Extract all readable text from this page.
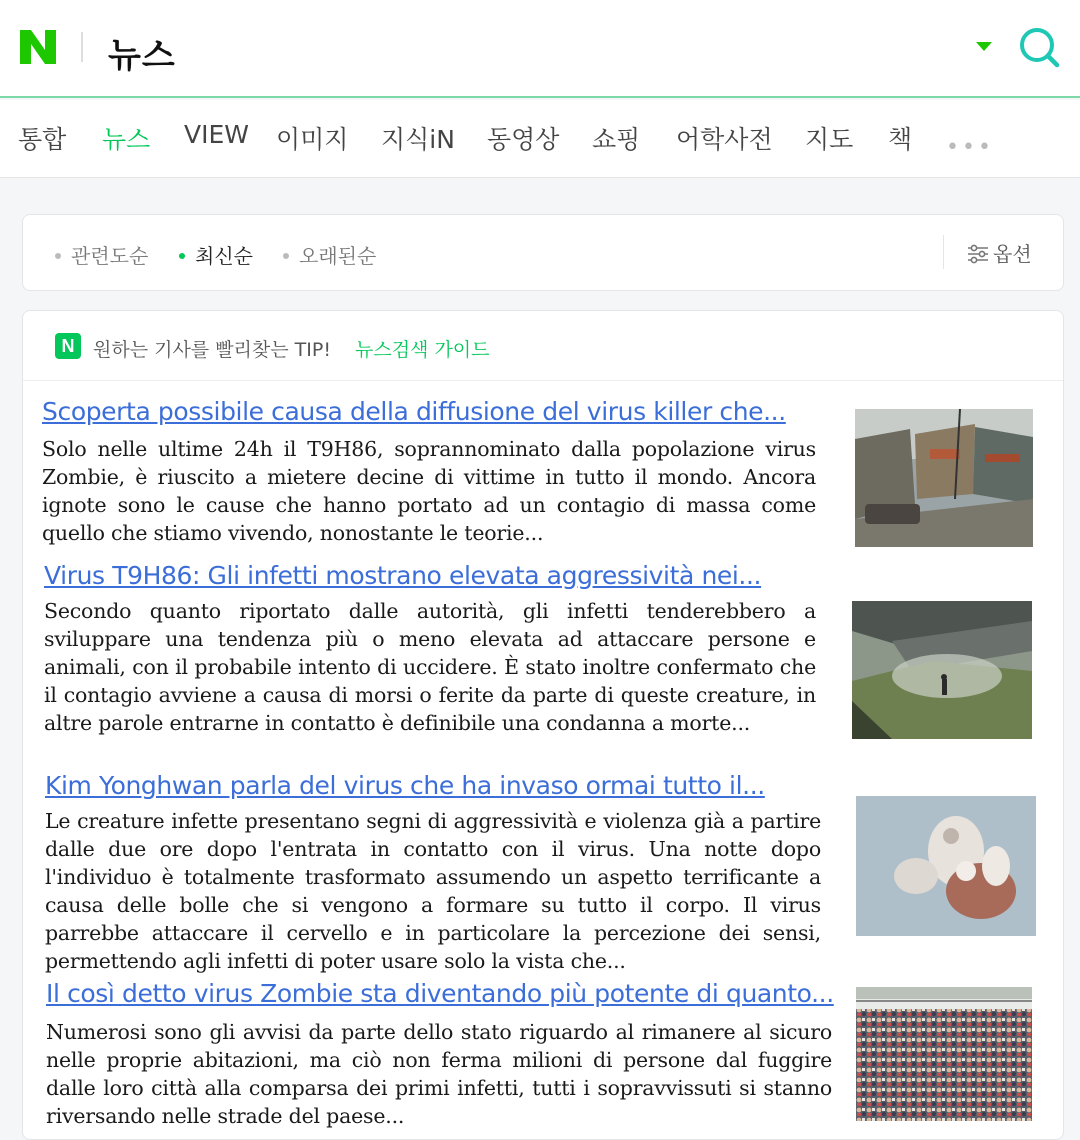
뉴스
통합 뉴스 VIEW 이미지 지식iN 동영상 쇼핑 어학사전 지도 책 •••
관련도순	최신순	오래된순	옵션
N 원하는 기사를 빨리찾는 TIP! 뉴스검색 가이드
Scoperta possibile causa della diffusione del virus killer che...
Solo nelle ultime 24h il T9H86, soprannominato dalla popolazione virus Zombie, è riuscito a mietere decine di vittime in tutto il mondo. Ancora ignote sono le cause che hanno portato ad un contagio di massa come quello che stiamo vivendo, nonostante le teorie...
Virus T9H86: Gli infetti mostrano elevata aggressività nei...
Secondo quanto riportato dalle autorità, gli infetti tenderebbero a sviluppare una tendenza più o meno elevata ad attaccare persone e animali, con il probabile intento di uccidere. È stato inoltre confermato che il contagio avviene a causa di morsi o ferite da parte di queste creature, in altre parole entrarne in contatto è definibile una condanna a morte...
Kim Yonghwan parla del virus che ha invaso ormai tutto il...
Le creature infette presentano segni di aggressività e violenza già a partire dalle due ore dopo l'entrata in contatto con il virus. Una notte dopo l'individuo è totalmente trasformato assumendo un aspetto terrificante a causa delle bolle che si vengono a formare su tutto il corpo. Il virus parrebbe attaccare il cervello e in particolare la percezione dei sensi, permettendo agli infetti di poter usare solo la vista che...
Il così detto virus Zombie sta diventando più potente di quanto...
Numerosi sono gli avvisi da parte dello stato riguardo al rimanere al sicuro nelle proprie abitazioni, ma ciò non ferma milioni di persone dal fuggire dalle loro città alla comparsa dei primi infetti, tutti i sopravvissuti si stanno riversando nelle strade del paese...
